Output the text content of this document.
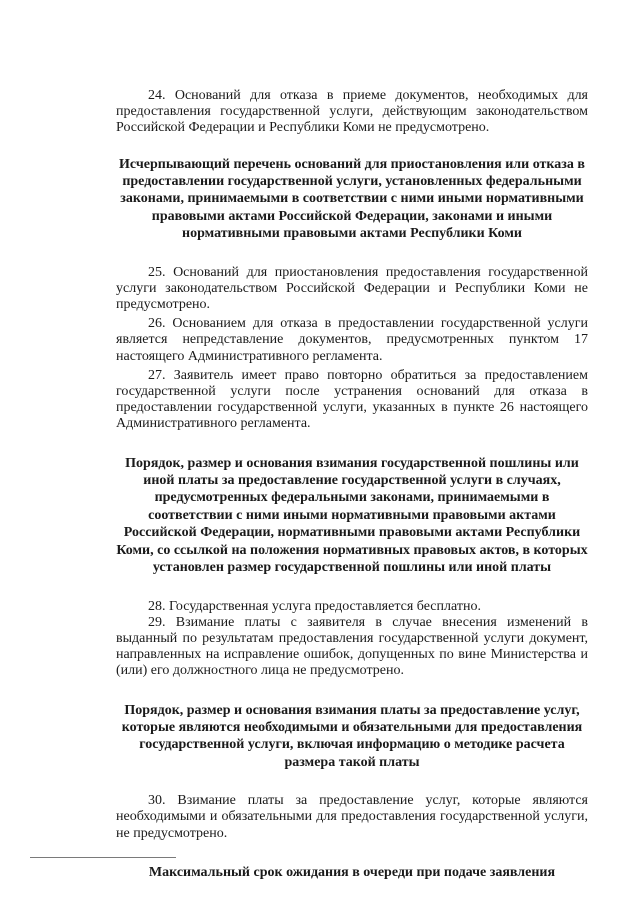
24. Оснований для отказа в приеме документов, необходимых для предоставления государственной услуги, действующим законодательством Российской Федерации и Республики Коми не предусмотрено.

Исчерпывающий перечень оснований для приостановления или отказа в предоставлении государственной услуги, установленных федеральными законами, принимаемыми в соответствии с ними иными нормативными правовыми актами Российской Федерации, законами и иными нормативными правовыми актами Республики Коми

25. Оснований для приостановления предоставления государственной услуги законодательством Российской Федерации и Республики Коми не предусмотрено.

26. Основанием для отказа в предоставлении государственной услуги является непредставление документов, предусмотренных пунктом 17 настоящего Административного регламента.

27. Заявитель имеет право повторно обратиться за предоставлением государственной услуги после устранения оснований для отказа в предоставлении государственной услуги, указанных в пункте 26 настоящего Административного регламента.

Порядок, размер и основания взимания государственной пошлины или иной платы за предоставление государственной услуги в случаях, предусмотренных федеральными законами, принимаемыми в соответствии с ними иными нормативными правовыми актами Российской Федерации, нормативными правовыми актами Республики Коми, со ссылкой на положения нормативных правовых актов, в которых установлен размер государственной пошлины или иной платы

28. Государственная услуга предоставляется бесплатно.

29. Взимание платы с заявителя в случае внесения изменений в выданный по результатам предоставления государственной услуги документ, направленных на исправление ошибок, допущенных по вине Министерства и (или) его должностного лица не предусмотрено.

Порядок, размер и основания взимания платы за предоставление услуг, которые являются необходимыми и обязательными для предоставления государственной услуги, включая информацию о методике расчета размера такой платы

30. Взимание платы за предоставление услуг, которые являются необходимыми и обязательными для предоставления государственной услуги, не предусмотрено.

Максимальный срок ожидания в очереди при подаче заявления
